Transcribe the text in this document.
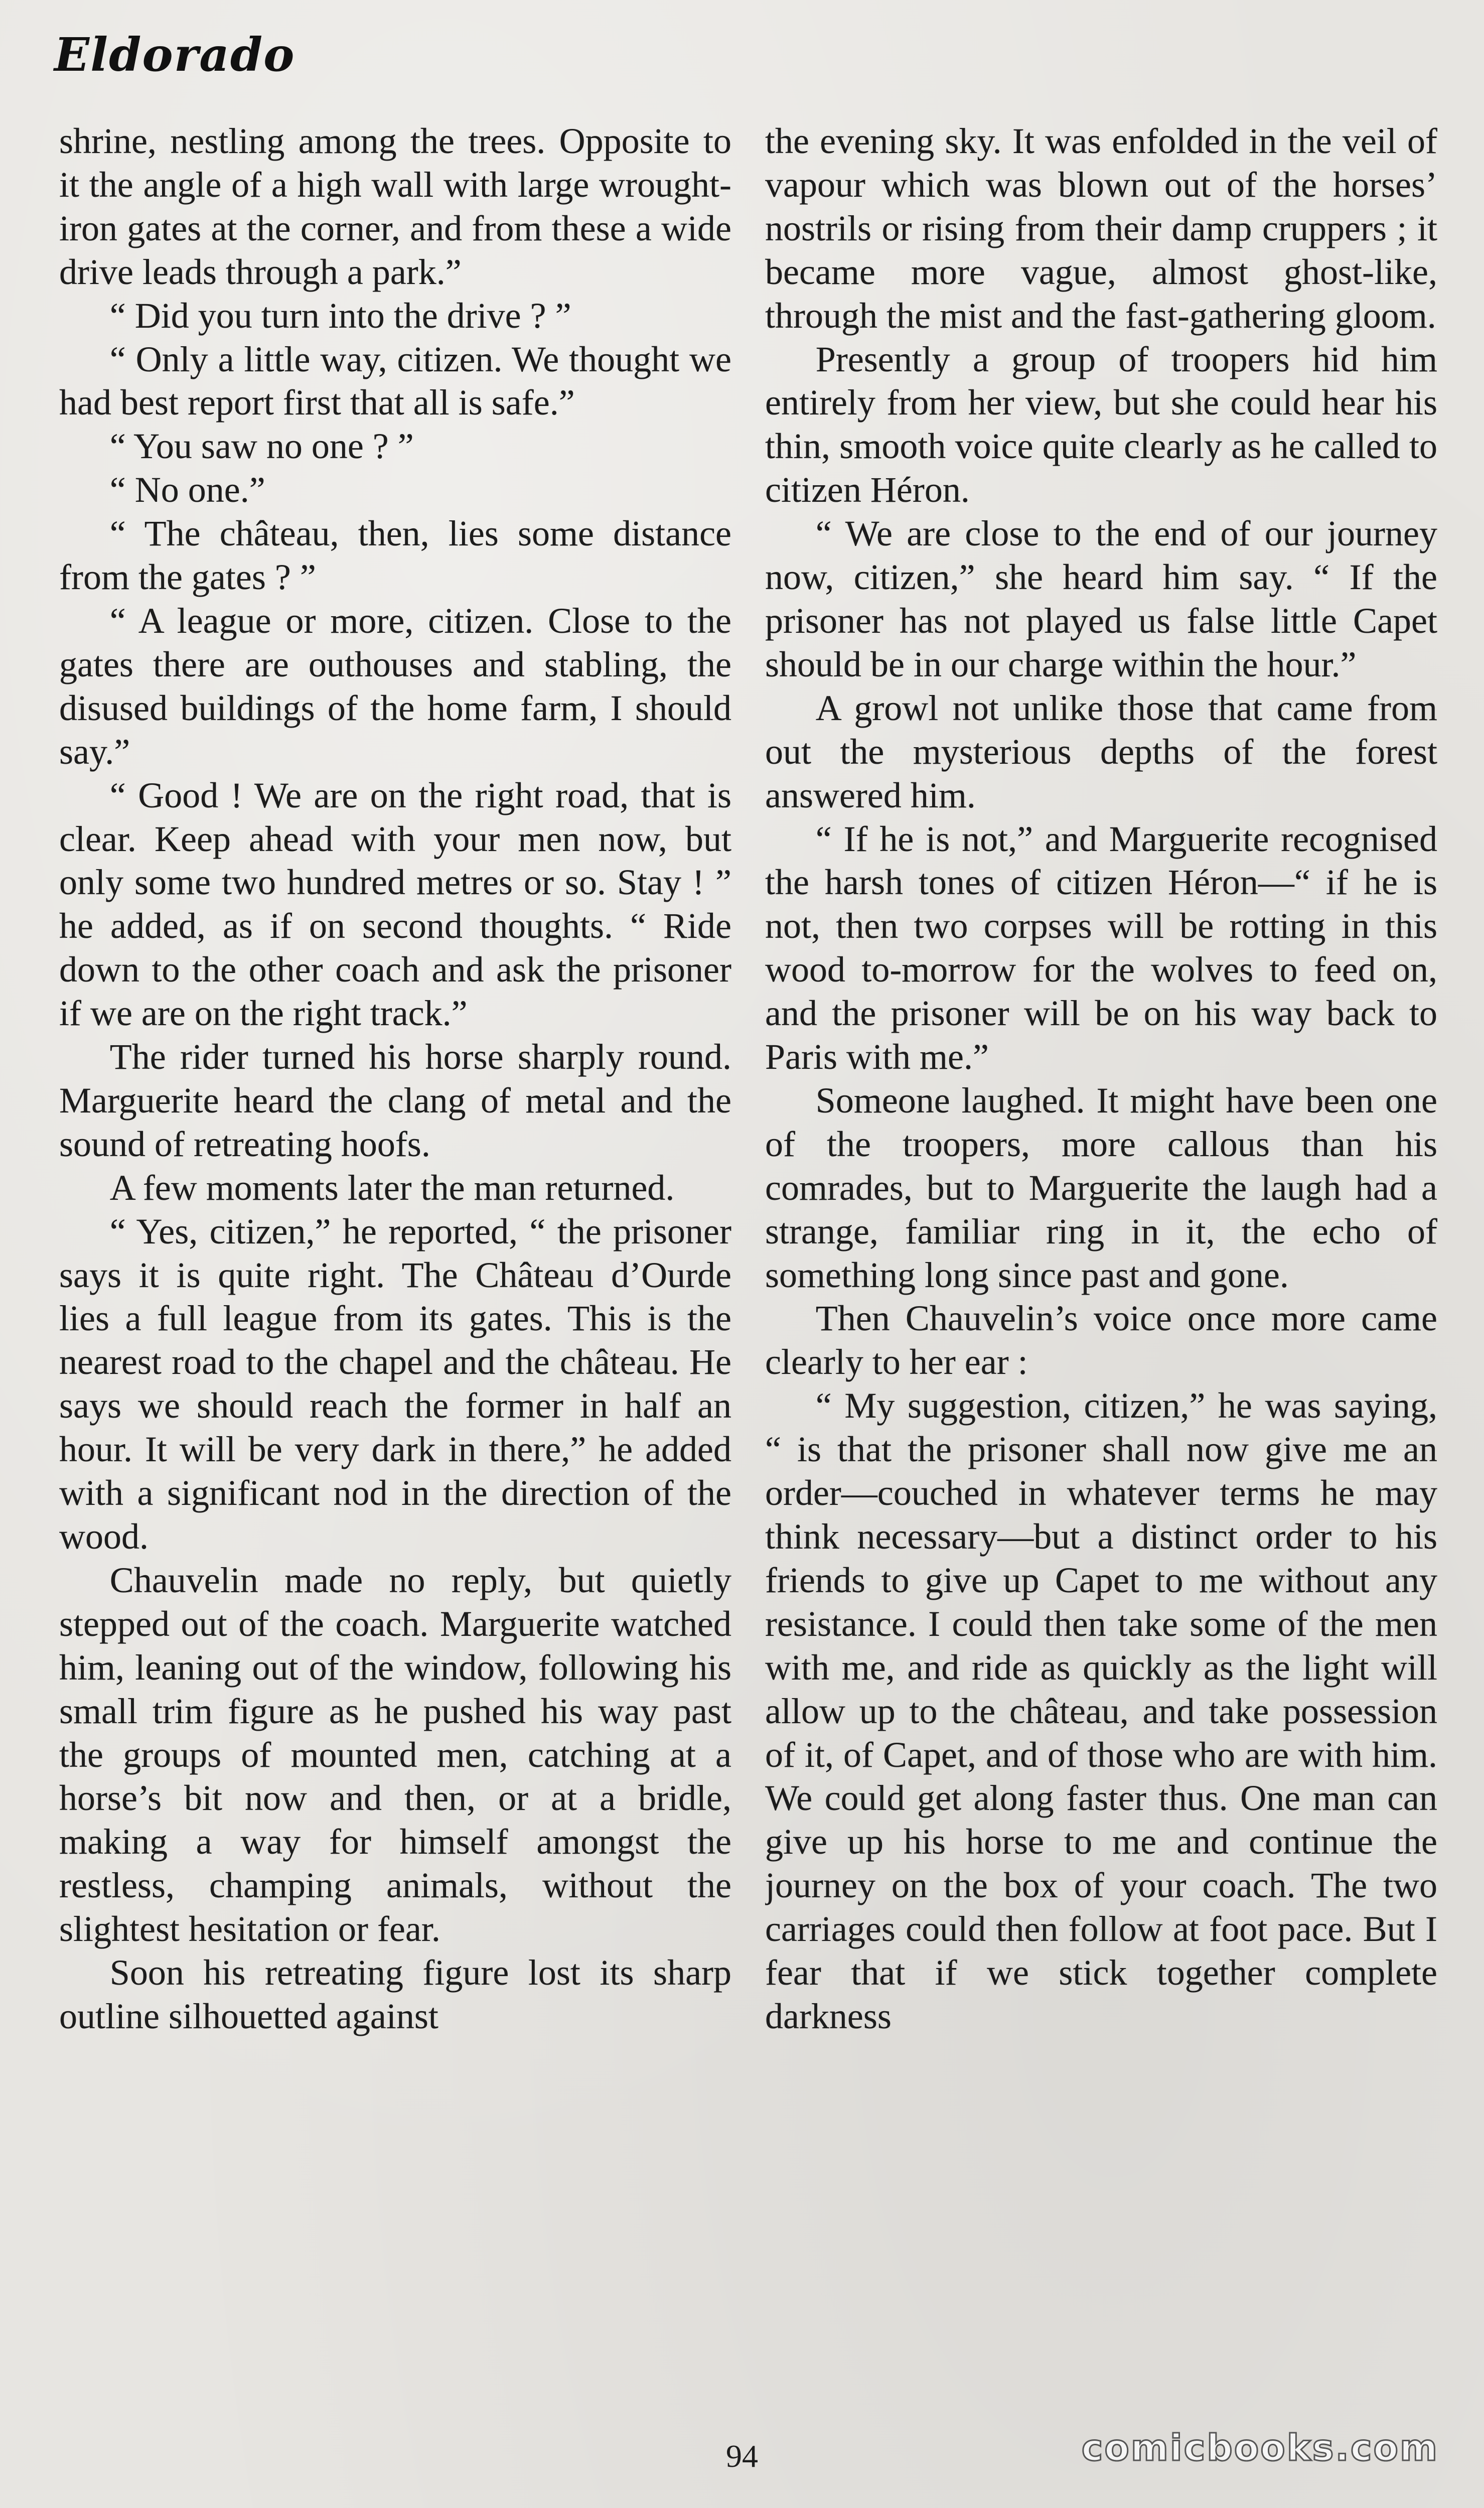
Eldorado

shrine, nestling among the trees. Opposite to it the angle of a high wall with large wrought-iron gates at the corner, and from these a wide drive leads through a park.”

“ Did you turn into the drive ? ”

“ Only a little way, citizen. We thought we had best report first that all is safe.”

“ You saw no one ? ”

“ No one.”

“ The château, then, lies some distance from the gates ? ”

“ A league or more, citizen. Close to the gates there are outhouses and stabling, the disused buildings of the home farm, I should say.”

“ Good ! We are on the right road, that is clear. Keep ahead with your men now, but only some two hundred metres or so. Stay ! ” he added, as if on second thoughts. “ Ride down to the other coach and ask the prisoner if we are on the right track.”

The rider turned his horse sharply round. Marguerite heard the clang of metal and the sound of retreating hoofs.

A few moments later the man returned.

“ Yes, citizen,” he reported, “ the prisoner says it is quite right. The Château d’Ourde lies a full league from its gates. This is the nearest road to the chapel and the château. He says we should reach the former in half an hour. It will be very dark in there,” he added with a significant nod in the direction of the wood.

Chauvelin made no reply, but quietly stepped out of the coach. Marguerite watched him, leaning out of the window, following his small trim figure as he pushed his way past the groups of mounted men, catching at a horse’s bit now and then, or at a bridle, making a way for himself amongst the restless, champing animals, without the slightest hesitation or fear.

Soon his retreating figure lost its sharp outline silhouetted against

the evening sky. It was enfolded in the veil of vapour which was blown out of the horses’ nostrils or rising from their damp cruppers ; it became more vague, almost ghost-like, through the mist and the fast-gathering gloom.

Presently a group of troopers hid him entirely from her view, but she could hear his thin, smooth voice quite clearly as he called to citizen Héron.

“ We are close to the end of our journey now, citizen,” she heard him say. “ If the prisoner has not played us false little Capet should be in our charge within the hour.”

A growl not unlike those that came from out the mysterious depths of the forest answered him.

“ If he is not,” and Marguerite recognised the harsh tones of citizen Héron—“ if he is not, then two corpses will be rotting in this wood to-morrow for the wolves to feed on, and the prisoner will be on his way back to Paris with me.”

Someone laughed. It might have been one of the troopers, more callous than his comrades, but to Marguerite the laugh had a strange, familiar ring in it, the echo of something long since past and gone.

Then Chauvelin’s voice once more came clearly to her ear :

“ My suggestion, citizen,” he was saying, “ is that the prisoner shall now give me an order—couched in whatever terms he may think necessary—but a distinct order to his friends to give up Capet to me without any resistance. I could then take some of the men with me, and ride as quickly as the light will allow up to the château, and take possession of it, of Capet, and of those who are with him. We could get along faster thus. One man can give up his horse to me and continue the journey on the box of your coach. The two carriages could then follow at foot pace. But I fear that if we stick together complete darkness

94	comicbooks.com
